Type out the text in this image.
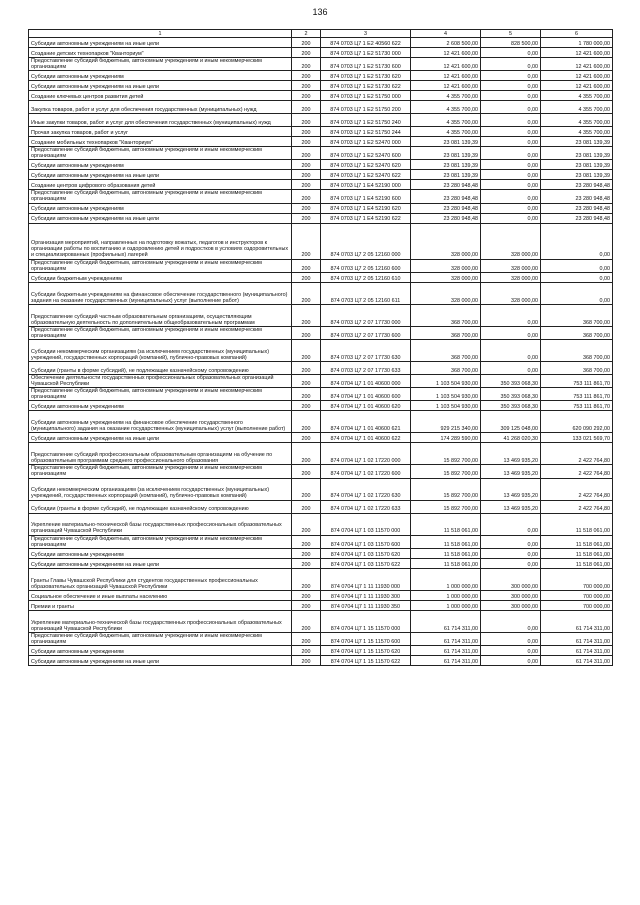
136
1	2	3	4	5	6
Субсидии автономным учреждениям на иные цели	200	874 0703 Ц7 1 Е2 40560 622	2 608 500,00	828 500,00	1 780 000,00
Создание детских технопарков "Кванториум"	200	874 0703 Ц7 1 Е2 51730 000	12 421 600,00	0,00	12 421 600,00
Предоставление субсидий бюджетным, автономным учреждениям и иным некоммерческим организациям	200	874 0703 Ц7 1 Е2 51730 600	12 421 600,00	0,00	12 421 600,00
Субсидии автономным учреждениям	200	874 0703 Ц7 1 Е2 51730 620	12 421 600,00	0,00	12 421 600,00
Субсидии автономным учреждениям на иные цели	200	874 0703 Ц7 1 Е2 51730 622	12 421 600,00	0,00	12 421 600,00
Создание ключевых центров развития детей	200	874 0703 Ц7 1 Е2 51750 000	4 355 700,00	0,00	4 355 700,00
Закупка товаров, работ и услуг для обеспечения государственных (муниципальных) нужд	200	874 0703 Ц7 1 Е2 51750 200	4 355 700,00	0,00	4 355 700,00
Иные закупки товаров, работ и услуг для обеспечения государственных (муниципальных) нужд	200	874 0703 Ц7 1 Е2 51750 240	4 355 700,00	0,00	4 355 700,00
Прочая закупка товаров, работ и услуг	200	874 0703 Ц7 1 Е2 51750 244	4 355 700,00	0,00	4 355 700,00
Создание мобильных технопарков "Кванториум"	200	874 0703 Ц7 1 Е2 52470 000	23 081 139,39	0,00	23 081 139,39
Предоставление субсидий бюджетным, автономным учреждениям и иным некоммерческим организациям	200	874 0703 Ц7 1 Е2 52470 600	23 081 139,39	0,00	23 081 139,39
Субсидии автономным учреждениям	200	874 0703 Ц7 1 Е2 52470 620	23 081 139,39	0,00	23 081 139,39
Субсидии автономным учреждениям на иные цели	200	874 0703 Ц7 1 Е2 52470 622	23 081 139,39	0,00	23 081 139,39
Создание центров цифрового образования детей	200	874 0703 Ц7 1 Е4 52190 000	23 280 948,48	0,00	23 280 948,48
Предоставление субсидий бюджетным, автономным учреждениям и иным некоммерческим организациям	200	874 0703 Ц7 1 Е4 52190 600	23 280 948,48	0,00	23 280 948,48
Субсидии автономным учреждениям	200	874 0703 Ц7 1 Е4 52190 620	23 280 948,48	0,00	23 280 948,48
Субсидии автономным учреждениям на иные цели	200	874 0703 Ц7 1 Е4 52190 622	23 280 948,48	0,00	23 280 948,48
Организация мероприятий, направленных на подготовку вожатых, педагогов и инструкторов к организации работы по воспитанию и оздоровлению детей и подростков в условиях оздоровительных и специализированных (профильных) лагерей	200	874 0703 Ц7 2 05 12160 000	328 000,00	328 000,00	0,00
Предоставление субсидий бюджетным, автономным учреждениям и иным некоммерческим организациям	200	874 0703 Ц7 2 05 12160 600	328 000,00	328 000,00	0,00
Субсидии бюджетным учреждениям	200	874 0703 Ц7 2 05 12160 610	328 000,00	328 000,00	0,00
Субсидии бюджетным учреждениям на финансовое обеспечение государственного (муниципального) задания на оказание государственных (муниципальных) услуг (выполнение работ)	200	874 0703 Ц7 2 05 12160 611	328 000,00	328 000,00	0,00
Предоставление субсидий частным образовательным организациям, осуществляющим образовательную деятельность по дополнительным общеобразовательным программам	200	874 0703 Ц7 2 07 17730 000	368 700,00	0,00	368 700,00
Предоставление субсидий бюджетным, автономным учреждениям и иным некоммерческим организациям	200	874 0703 Ц7 2 07 17730 600	368 700,00	0,00	368 700,00
Субсидии некоммерческим организациям (за исключением государственных (муниципальных) учреждений, государственных корпораций (компаний), публично-правовых компаний)	200	874 0703 Ц7 2 07 17730 630	368 700,00	0,00	368 700,00
Субсидии (гранты в форме субсидий), не подлежащие казначейскому сопровождению	200	874 0703 Ц7 2 07 17730 633	368 700,00	0,00	368 700,00
Обеспечение деятельности государственных профессиональных образовательных организаций Чувашской Республики	200	874 0704 Ц7 1 01 40600 000	1 103 504 930,00	350 393 068,30	753 111 861,70
Предоставление субсидий бюджетным, автономным учреждениям и иным некоммерческим организациям	200	874 0704 Ц7 1 01 40600 600	1 103 504 930,00	350 393 068,30	753 111 861,70
Субсидии автономным учреждениям	200	874 0704 Ц7 1 01 40600 620	1 103 504 930,00	350 393 068,30	753 111 861,70
Субсидии автономным учреждениям на финансовое обеспечение государственного (муниципального) задания на оказание государственных (муниципальных) услуг (выполнение работ)	200	874 0704 Ц7 1 01 40600 621	929 215 340,00	309 125 048,00	620 090 292,00
Субсидии автономным учреждениям на иные цели	200	874 0704 Ц7 1 01 40600 622	174 289 590,00	41 268 020,30	133 021 569,70
Предоставление субсидий профессиональным образовательным организациям на обучение по образовательным программам среднего профессионального образования	200	874 0704 Ц7 1 02 17220 000	15 892 700,00	13 469 935,20	2 422 764,80
Предоставление субсидий бюджетным, автономным учреждениям и иным некоммерческим организациям	200	874 0704 Ц7 1 02 17220 600	15 892 700,00	13 469 935,20	2 422 764,80
Субсидии некоммерческим организациям (за исключением государственных (муниципальных) учреждений, государственных корпораций (компаний), публично-правовых компаний)	200	874 0704 Ц7 1 02 17220 630	15 892 700,00	13 469 935,20	2 422 764,80
Субсидии (гранты в форме субсидий), не подлежащие казначейскому сопровождению	200	874 0704 Ц7 1 02 17220 633	15 892 700,00	13 469 935,20	2 422 764,80
Укрепление материально-технической базы государственных профессиональных образовательных организаций Чувашской Республики	200	874 0704 Ц7 1 03 11570 000	11 518 061,00	0,00	11 518 061,00
Предоставление субсидий бюджетным, автономным учреждениям и иным некоммерческим организациям	200	874 0704 Ц7 1 03 11570 600	11 518 061,00	0,00	11 518 061,00
Субсидии автономным учреждениям	200	874 0704 Ц7 1 03 11570 620	11 518 061,00	0,00	11 518 061,00
Субсидии автономным учреждениям на иные цели	200	874 0704 Ц7 1 03 11570 622	11 518 061,00	0,00	11 518 061,00
Гранты Главы Чувашской Республики для студентов государственных профессиональных образовательных организаций Чувашской Республики	200	874 0704 Ц7 1 11 11930 000	1 000 000,00	300 000,00	700 000,00
Социальное обеспечение и иные выплаты населению	200	874 0704 Ц7 1 11 11930 300	1 000 000,00	300 000,00	700 000,00
Премии и гранты	200	874 0704 Ц7 1 11 11930 350	1 000 000,00	300 000,00	700 000,00
Укрепление материально-технической базы государственных профессиональных образовательных организаций Чувашской Республики	200	874 0704 Ц7 1 15 11570 000	61 714 311,00	0,00	61 714 311,00
Предоставление субсидий бюджетным, автономным учреждениям и иным некоммерческим организациям	200	874 0704 Ц7 1 15 11570 600	61 714 311,00	0,00	61 714 311,00
Субсидии автономным учреждениям	200	874 0704 Ц7 1 15 11570 620	61 714 311,00	0,00	61 714 311,00
Субсидии автономным учреждениям на иные цели	200	874 0704 Ц7 1 15 11570 622	61 714 311,00	0,00	61 714 311,00
